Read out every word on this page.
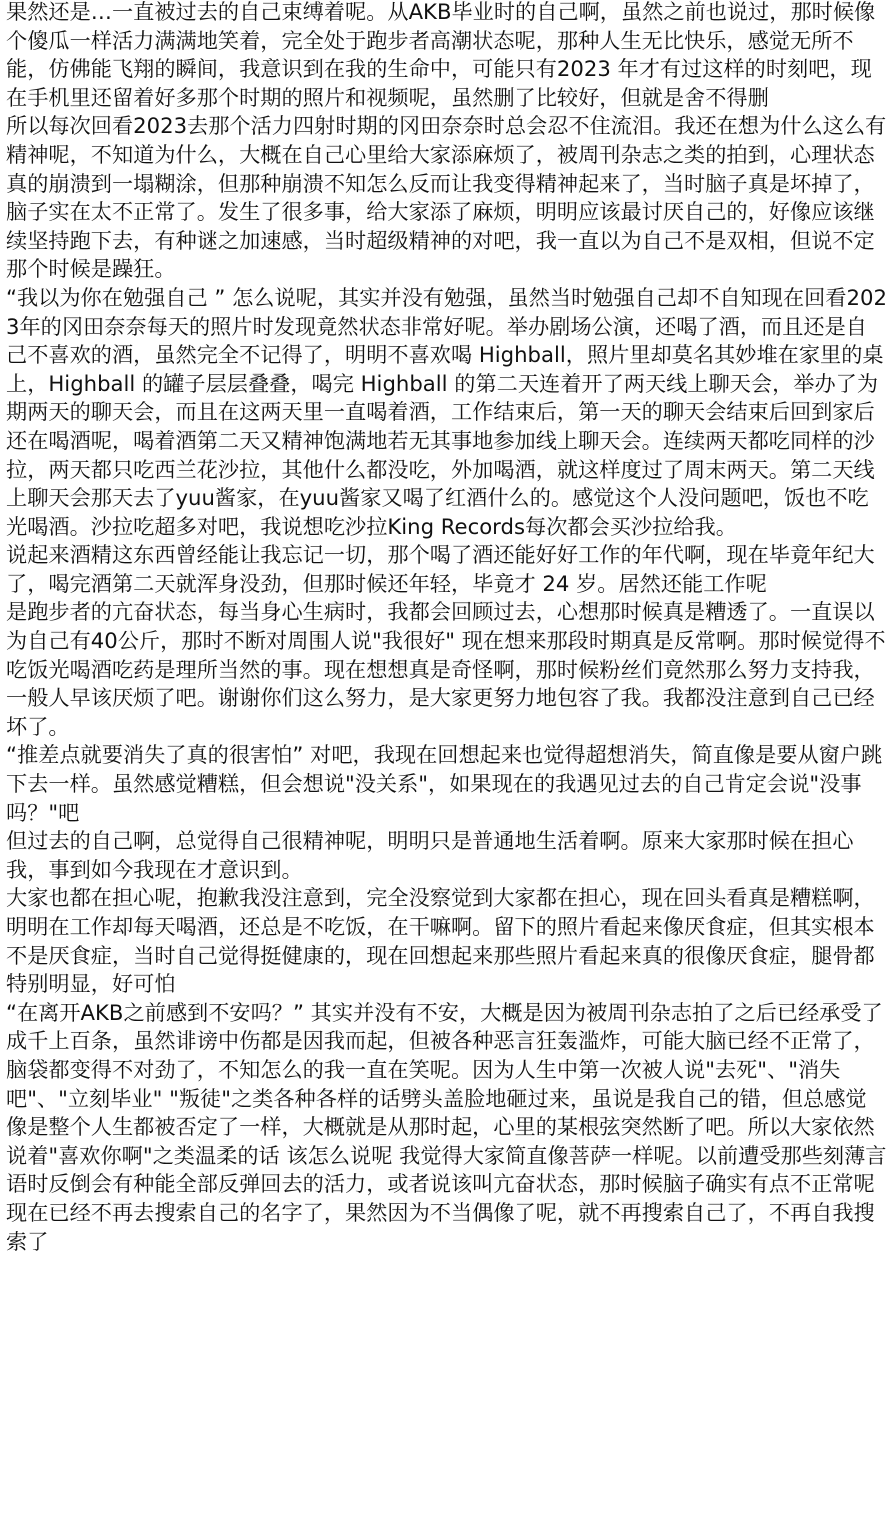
果然还是…一直被过去的自己束缚着呢。从AKB毕业时的自己啊，虽然之前也说过，那时候像个傻瓜一样活力满满地笑着，完全处于跑步者高潮状态呢，那种人生无比快乐，感觉无所不能，仿佛能飞翔的瞬间，我意识到在我的生命中，可能只有2023 年才有过这样的时刻吧，现在手机里还留着好多那个时期的照片和视频呢，虽然删了比较好，但就是舍不得删

所以每次回看2023去那个活力四射时期的冈田奈奈时总会忍不住流泪。我还在想为什么这么有精神呢，不知道为什么，大概在自己心里给大家添麻烦了，被周刊杂志之类的拍到，心理状态真的崩溃到一塌糊涂，但那种崩溃不知怎么反而让我变得精神起来了，当时脑子真是坏掉了，脑子实在太不正常了。发生了很多事，给大家添了麻烦，明明应该最讨厌自己的，好像应该继续坚持跑下去，有种谜之加速感，当时超级精神的对吧，我一直以为自己不是双相，但说不定那个时候是躁狂。

“我以为你在勉强自己 ” 怎么说呢，其实并没有勉强，虽然当时勉强自己却不自知现在回看2023年的冈田奈奈每天的照片时发现竟然状态非常好呢。举办剧场公演，还喝了酒，而且还是自己不喜欢的酒，虽然完全不记得了，明明不喜欢喝 Highball，照片里却莫名其妙堆在家里的桌上，Highball 的罐子层层叠叠，喝完 Highball 的第二天连着开了两天线上聊天会，举办了为期两天的聊天会，而且在这两天里一直喝着酒，工作结束后，第一天的聊天会结束后回到家后还在喝酒呢，喝着酒第二天又精神饱满地若无其事地参加线上聊天会。连续两天都吃同样的沙拉，两天都只吃西兰花沙拉，其他什么都没吃，外加喝酒，就这样度过了周末两天。第二天线上聊天会那天去了yuu酱家，在yuu酱家又喝了红酒什么的。感觉这个人没问题吧，饭也不吃光喝酒。沙拉吃超多对吧，我说想吃沙拉King Records每次都会买沙拉给我。

说起来酒精这东西曾经能让我忘记一切，那个喝了酒还能好好工作的年代啊，现在毕竟年纪大了，喝完酒第二天就浑身没劲，但那时候还年轻，毕竟才 24 岁。居然还能工作呢

是跑步者的亢奋状态，每当身心生病时，我都会回顾过去，心想那时候真是糟透了。一直误以为自己有40公斤，那时不断对周围人说"我很好" 现在想来那段时期真是反常啊。那时候觉得不吃饭光喝酒吃药是理所当然的事。现在想想真是奇怪啊，那时候粉丝们竟然那么努力支持我，一般人早该厌烦了吧。谢谢你们这么努力，是大家更努力地包容了我。我都没注意到自己已经坏了。

“推差点就要消失了真的很害怕” 对吧，我现在回想起来也觉得超想消失，简直像是要从窗户跳下去一样。虽然感觉糟糕，但会想说"没关系"，如果现在的我遇见过去的自己肯定会说"没事吗？"吧

但过去的自己啊，总觉得自己很精神呢，明明只是普通地生活着啊。原来大家那时候在担心我，事到如今我现在才意识到。

大家也都在担心呢，抱歉我没注意到，完全没察觉到大家都在担心，现在回头看真是糟糕啊，明明在工作却每天喝酒，还总是不吃饭，在干嘛啊。留下的照片看起来像厌食症，但其实根本不是厌食症，当时自己觉得挺健康的，现在回想起来那些照片看起来真的很像厌食症，腿骨都特别明显，好可怕

“在离开AKB之前感到不安吗？” 其实并没有不安，大概是因为被周刊杂志拍了之后已经承受了成千上百条，虽然诽谤中伤都是因我而起，但被各种恶言狂轰滥炸，可能大脑已经不正常了，脑袋都变得不对劲了，不知怎么的我一直在笑呢。因为人生中第一次被人说"去死"、"消失吧"、"立刻毕业" "叛徒"之类各种各样的话劈头盖脸地砸过来，虽说是我自己的错，但总感觉像是整个人生都被否定了一样，大概就是从那时起，心里的某根弦突然断了吧。所以大家依然说着"喜欢你啊"之类温柔的话 该怎么说呢 我觉得大家简直像菩萨一样呢。以前遭受那些刻薄言语时反倒会有种能全部反弹回去的活力，或者说该叫亢奋状态，那时候脑子确实有点不正常呢

现在已经不再去搜索自己的名字了，果然因为不当偶像了呢，就不再搜索自己了，不再自我搜索了
